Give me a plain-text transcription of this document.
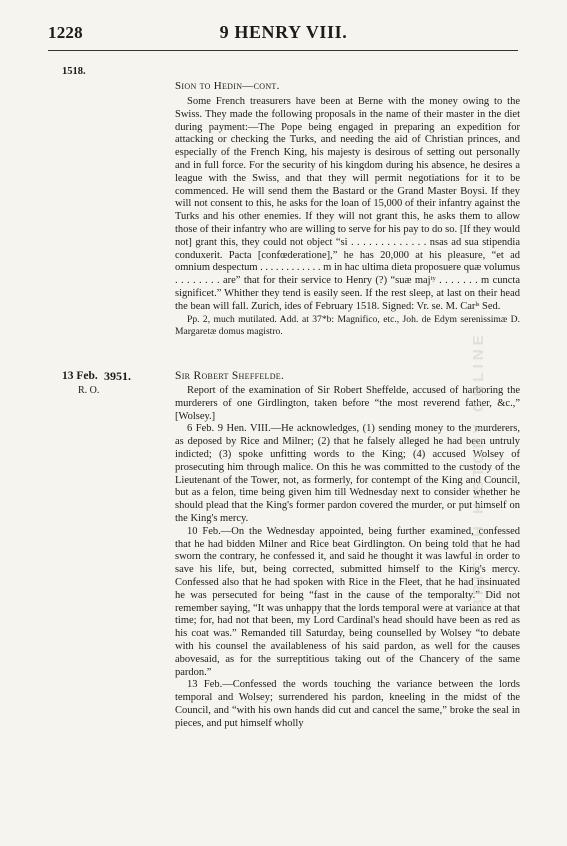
1228	9 HENRY VIII.
1518.
Sion to Hedin—cont.

Some French treasurers have been at Berne with the money owing to the Swiss. They made the following proposals in the name of their master in the diet during payment:—The Pope being engaged in preparing an expedition for attacking or checking the Turks, and needing the aid of Christian princes, and especially of the French King, his majesty is desirous of setting out personally and in full force. For the security of his kingdom during his absence, he desires a league with the Swiss, and that they will permit negotiations for it to be commenced. He will send them the Bastard or the Grand Master Boysi. If they will not consent to this, he asks for the loan of 15,000 of their infantry against the Turks and his other enemies. If they will not grant this, he asks them to allow those of their infantry who are willing to serve for his pay to do so. [If they would not] grant this, they could not object “si . . . . . . . . . . . . . nsas ad sua stipendia conduxerit. Pacta [confœderatione],” he has 20,000 at his pleasure, “et ad omnium despectum . . . . . . . . . . . . m in hac ultima dieta proposuere quæ volumus . . . . . . . . are” that for their service to Henry (?) “suæ majᵗʸ . . . . . . . m cuncta significet.” Whither they tend is easily seen. If the rest sleep, at last on their head the bean will fall. Zurich, ides of February 1518. Signed: Vr. se. M. Carˡˢ Sed.

Pp. 2, much mutilated. Add. at 37*b: Magnifico, etc., Joh. de Edym serenissimæ D. Margaretæ domus magistro.

13 Feb. 3951.
R. O.
Sir Robert Sheffelde.

Report of the examination of Sir Robert Sheffelde, accused of harboring the murderers of one Girdlington, taken before “the most reverend father, &c.,” [Wolsey.]

6 Feb. 9 Hen. VIII.—He acknowledges, (1) sending money to the murderers, as deposed by Rice and Milner; (2) that he falsely alleged he had been untruly indicted; (3) spoke unfitting words to the King; (4) accused Wolsey of prosecuting him through malice. On this he was committed to the custody of the Lieutenant of the Tower, not, as formerly, for contempt of the King and Council, but as a felon, time being given him till Wednesday next to consider whether he should plead that the King's former pardon covered the murder, or put himself on the King's mercy.

10 Feb.—On the Wednesday appointed, being further examined, confessed that he had bidden Milner and Rice beat Girdlington. On being told that he had sworn the contrary, he confessed it, and said he thought it was lawful in order to save his life, but, being corrected, submitted himself to the King's mercy. Confessed also that he had spoken with Rice in the Fleet, that he had insinuated he was persecuted for being “fast in the cause of the temporalty.” Did not remember saying, “It was unhappy that the lords temporal were at variance at that time; for, had not that been, my Lord Cardinal's head should have been as red as his coat was.” Remanded till Saturday, being counselled by Wolsey “to debate with his counsel the availableness of his said pardon, as well for the causes abovesaid, as for the surreptitious taking out of the Chancery of the same pardon.”

13 Feb.—Confessed the words touching the variance between the lords temporal and Wolsey; surrendered his pardon, kneeling in the midst of the Council, and “with his own hands did cut and cancel the same,” broke the seal in pieces, and put himself wholly

BRITISH HISTORY ONLINE
